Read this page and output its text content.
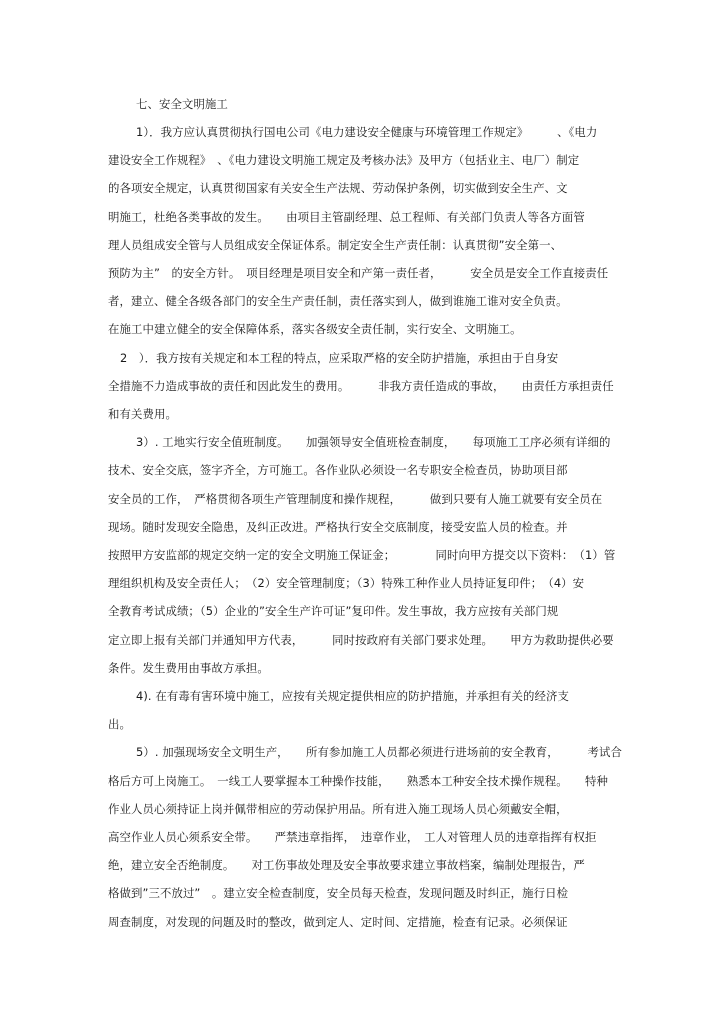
七、安全文明施工
1）．我方应认真贯彻执行国电公司《电力建设安全健康与环境管理工作规定》　　　、《电力
建设安全工作规程》　、《电力建设文明施工规定及考核办法》及甲方（包括业主、电厂）制定
的各项安全规定，认真贯彻国家有关安全生产法规、劳动保护条例，切实做到安全生产、文
明施工，杜绝各类事故的发生。　　由项目主管副经理、总工程师、有关部门负责人等各方面管
理人员组成安全管与人员组成安全保证体系。制定安全生产责任制：认真贯彻”安全第一、
预防为主”　的安全方针。　项目经理是项目安全和产第一责任者，　　　安全员是安全工作直接责任
者，建立、健全各级各部门的安全生产责任制，责任落实到人，做到谁施工谁对安全负责。
在施工中建立健全的安全保障体系，落实各级安全责任制，实行安全、文明施工。
2　）．我方按有关规定和本工程的特点，应采取严格的安全防护措施，承担由于自身安
全措施不力造成事故的责任和因此发生的费用。　　　非我方责任造成的事故，　　由责任方承担责任
和有关费用。
3）. 工地实行安全值班制度。　　加强领导安全值班检查制度，　　每项施工工序必须有详细的
技术、安全交底，签字齐全，方可施工。各作业队必须设一名专职安全检查员，协助项目部
安全员的工作，　严格贯彻各项生产管理制度和操作规程，　　　做到只要有人施工就要有安全员在
现场。随时发现安全隐患，及纠正改进。严格执行安全交底制度，接受安监人员的检查。并
按照甲方安监部的规定交纳一定的安全文明施工保证金；　　　　同时向甲方提交以下资料：　（1）管
理组织机构及安全责任人；　（2）安全管理制度；（3）特殊工种作业人员持证复印件；　（4）安
全教育考试成绩；（5）企业的”安全生产许可证”复印件。发生事故，我方应按有关部门规
定立即上报有关部门并通知甲方代表，　　　同时按政府有关部门要求处理。　　甲方为救助提供必要
条件。发生费用由事故方承担。
4). 在有毒有害环境中施工，应按有关规定提供相应的防护措施，并承担有关的经济支
出。
5）. 加强现场安全文明生产，　　所有参加施工人员都必须进行进场前的安全教育，　　　考试合
格后方可上岗施工。　一线工人要掌握本工种操作技能，　　熟悉本工种安全技术操作规程。　　特种
作业人员心须持证上岗并佩带相应的劳动保护用品。所有进入施工现场人员心须戴安全帽，
高空作业人员心须系安全带。　　严禁违章指挥，　违章作业，　工人对管理人员的违章指挥有权拒
绝，建立安全否绝制度。　　对工伤事故处理及安全事故要求建立事故档案，编制处理报告，严
格做到”三不放过”　。建立安全检查制度，安全员每天检查，发现问题及时纠正，施行日检
周查制度，对发现的问题及时的整改，做到定人、定时间、定措施，检查有记录。必须保证
